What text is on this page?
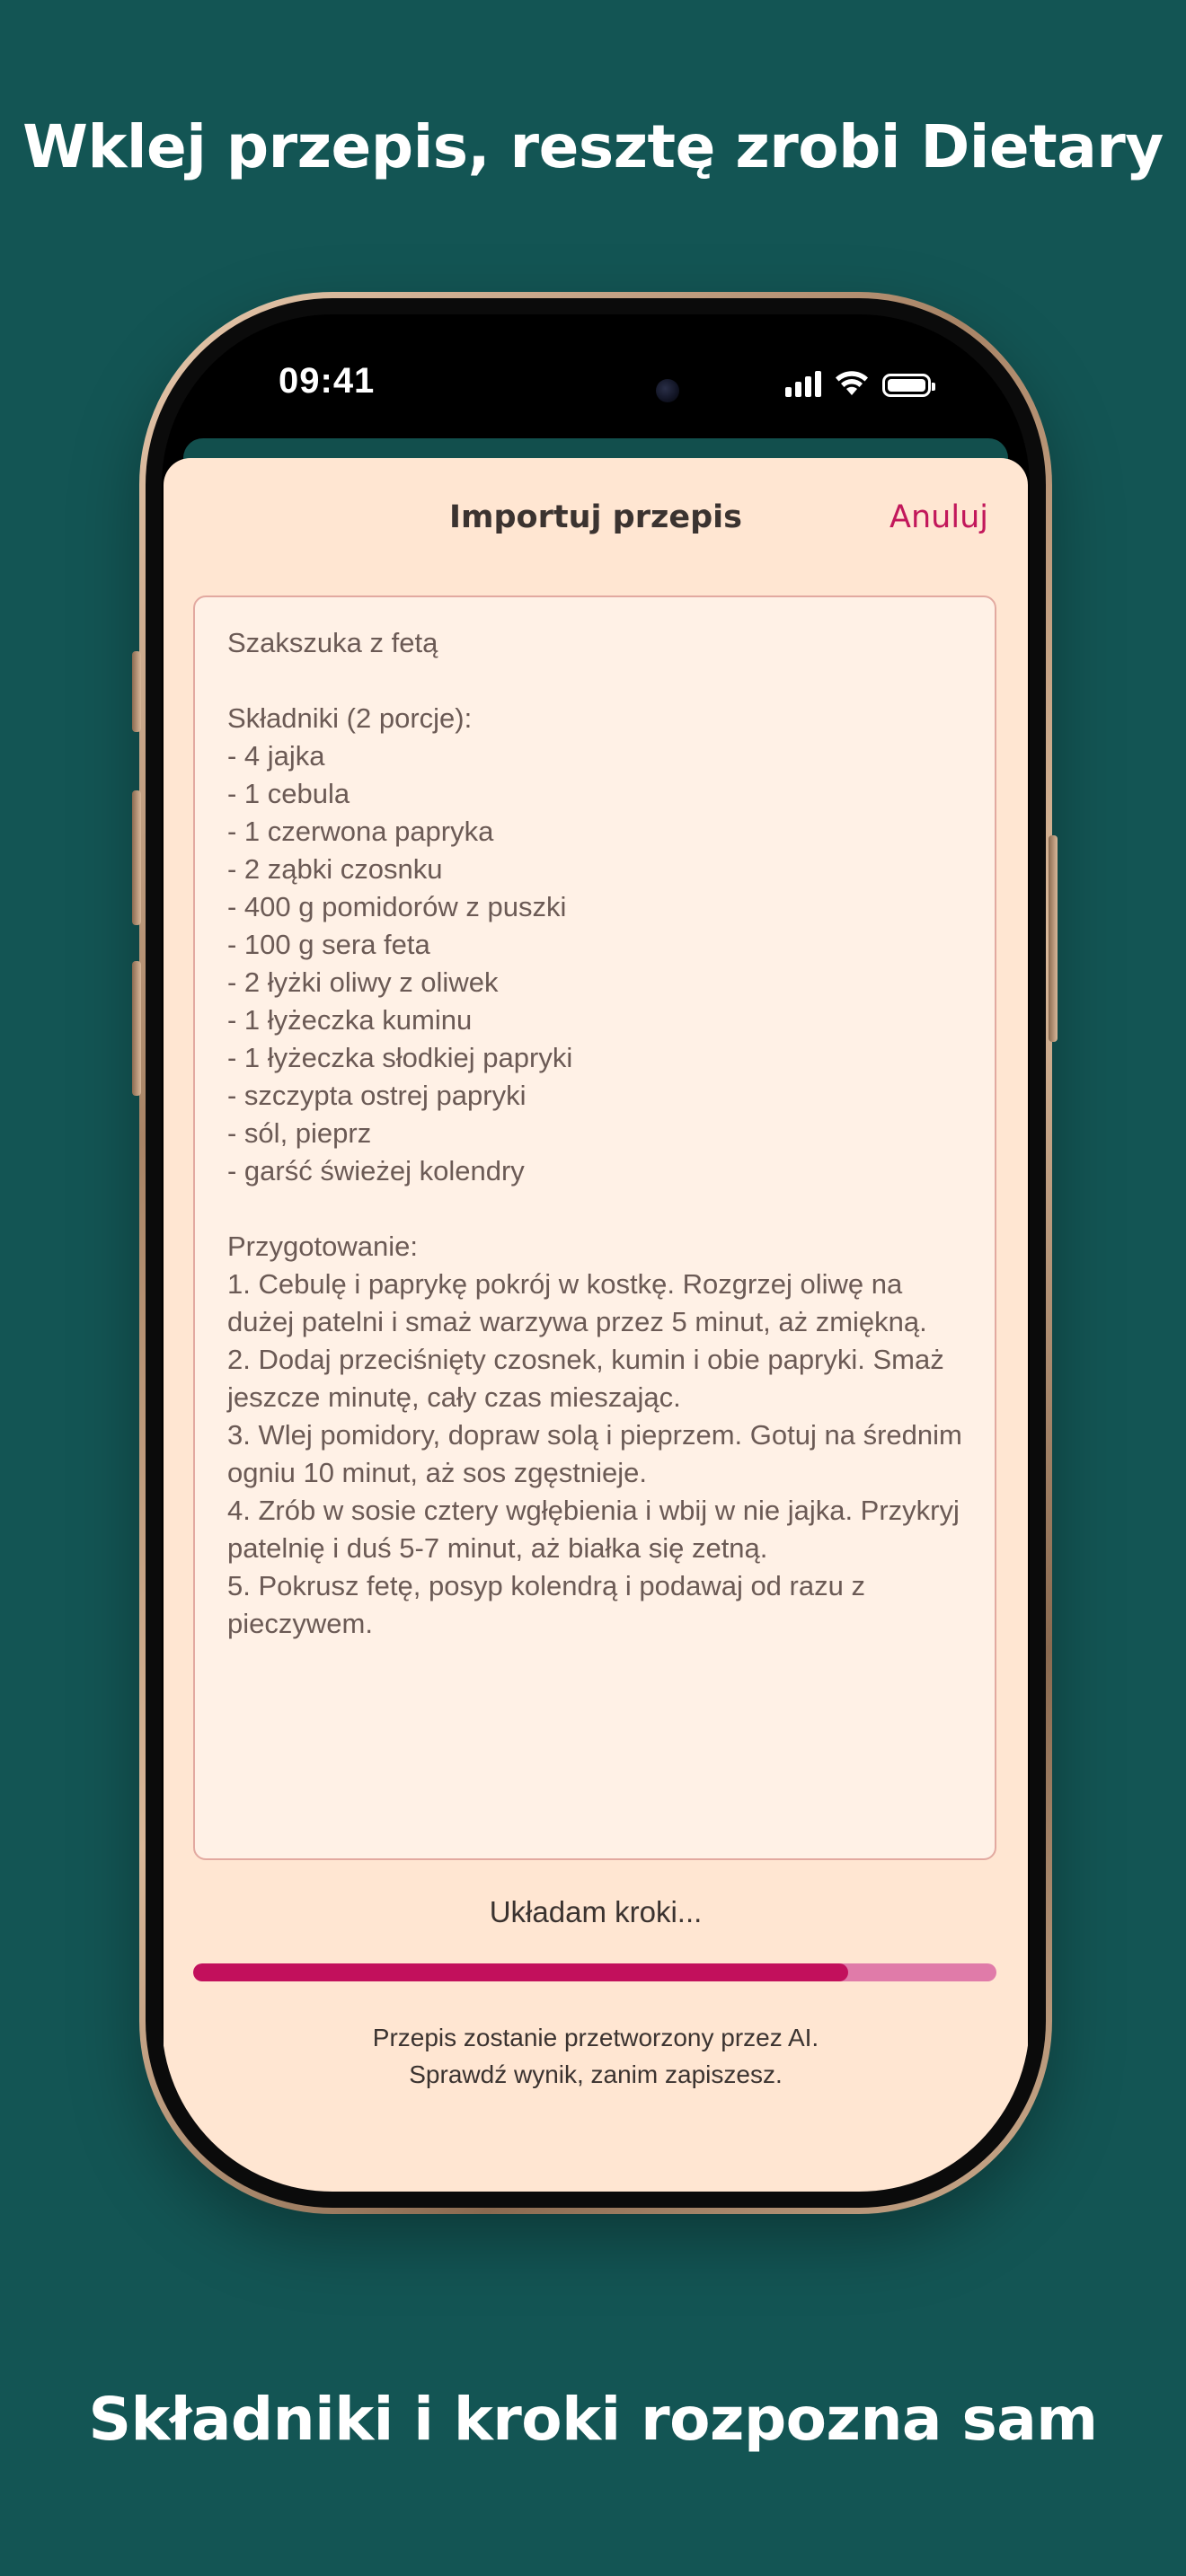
Wklej przepis, resztę zrobi Dietary
09:41
Importuj przepis	Anuluj

Szakszuka z fetą

Składniki (2 porcje):
- 4 jajka
- 1 cebula
- 1 czerwona papryka
- 2 ząbki czosnku
- 400 g pomidorów z puszki
- 100 g sera feta
- 2 łyżki oliwy z oliwek
- 1 łyżeczka kuminu
- 1 łyżeczka słodkiej papryki
- szczypta ostrej papryki
- sól, pieprz
- garść świeżej kolendry

Przygotowanie:
1. Cebulę i paprykę pokrój w kostkę. Rozgrzej oliwę na dużej patelni i smaż warzywa przez 5 minut, aż zmiękną.
2. Dodaj przeciśnięty czosnek, kumin i obie papryki. Smaż jeszcze minutę, cały czas mieszając.
3. Wlej pomidory, dopraw solą i pieprzem. Gotuj na średnim ogniu 10 minut, aż sos zgęstnieje.
4. Zrób w sosie cztery wgłębienia i wbij w nie jajka. Przykryj patelnię i duś 5-7 minut, aż białka się zetną.
5. Pokrusz fetę, posyp kolendrą i podawaj od razu z pieczywem.

Układam kroki...
Przepis zostanie przetworzony przez AI.
Sprawdź wynik, zanim zapiszesz.
Składniki i kroki rozpozna sam
